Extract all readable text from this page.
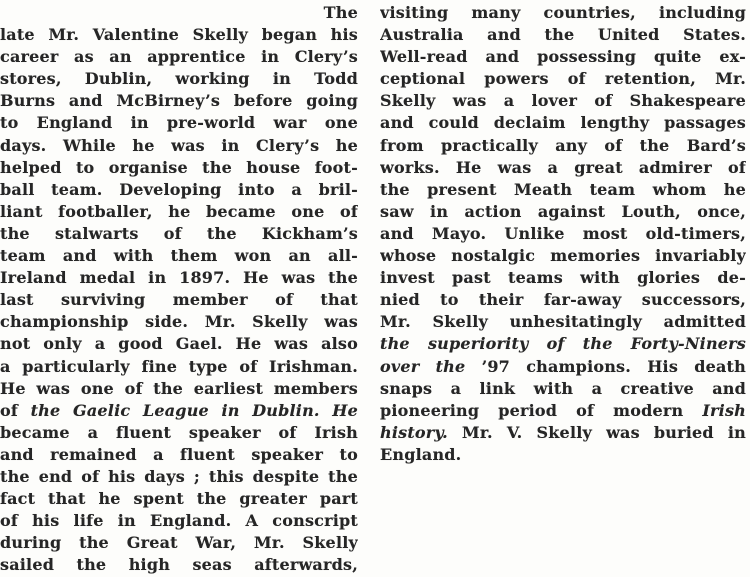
The
late Mr. Valentine Skelly began his
career as an apprentice in Clery’s
stores, Dublin, working in Todd
Burns and McBirney’s before going
to England in pre-world war one
days. While he was in Clery’s he
helped to organise the house foot-
ball team. Developing into a bril-
liant footballer, he became one of
the stalwarts of the Kickham’s
team and with them won an all-
Ireland medal in 1897. He was the
last surviving member of that
championship side. Mr. Skelly was
not only a good Gael. He was also
a particularly fine type of Irishman.
He was one of the earliest members
of the Gaelic League in Dublin. He
became a fluent speaker of Irish
and remained a fluent speaker to
the end of his days ; this despite the
fact that he spent the greater part
of his life in England. A conscript
during the Great War, Mr. Skelly
sailed the high seas afterwards,
visiting many countries, including
Australia and the United States.
Well-read and possessing quite ex-
ceptional powers of retention, Mr.
Skelly was a lover of Shakespeare
and could declaim lengthy passages
from practically any of the Bard’s
works. He was a great admirer of
the present Meath team whom he
saw in action against Louth, once,
and Mayo. Unlike most old-timers,
whose nostalgic memories invariably
invest past teams with glories de-
nied to their far-away successors,
Mr. Skelly unhesitatingly admitted
the superiority of the Forty-Niners
over the ’97 champions. His death
snaps a link with a creative and
pioneering period of modern Irish
history. Mr. V. Skelly was buried in
England.
